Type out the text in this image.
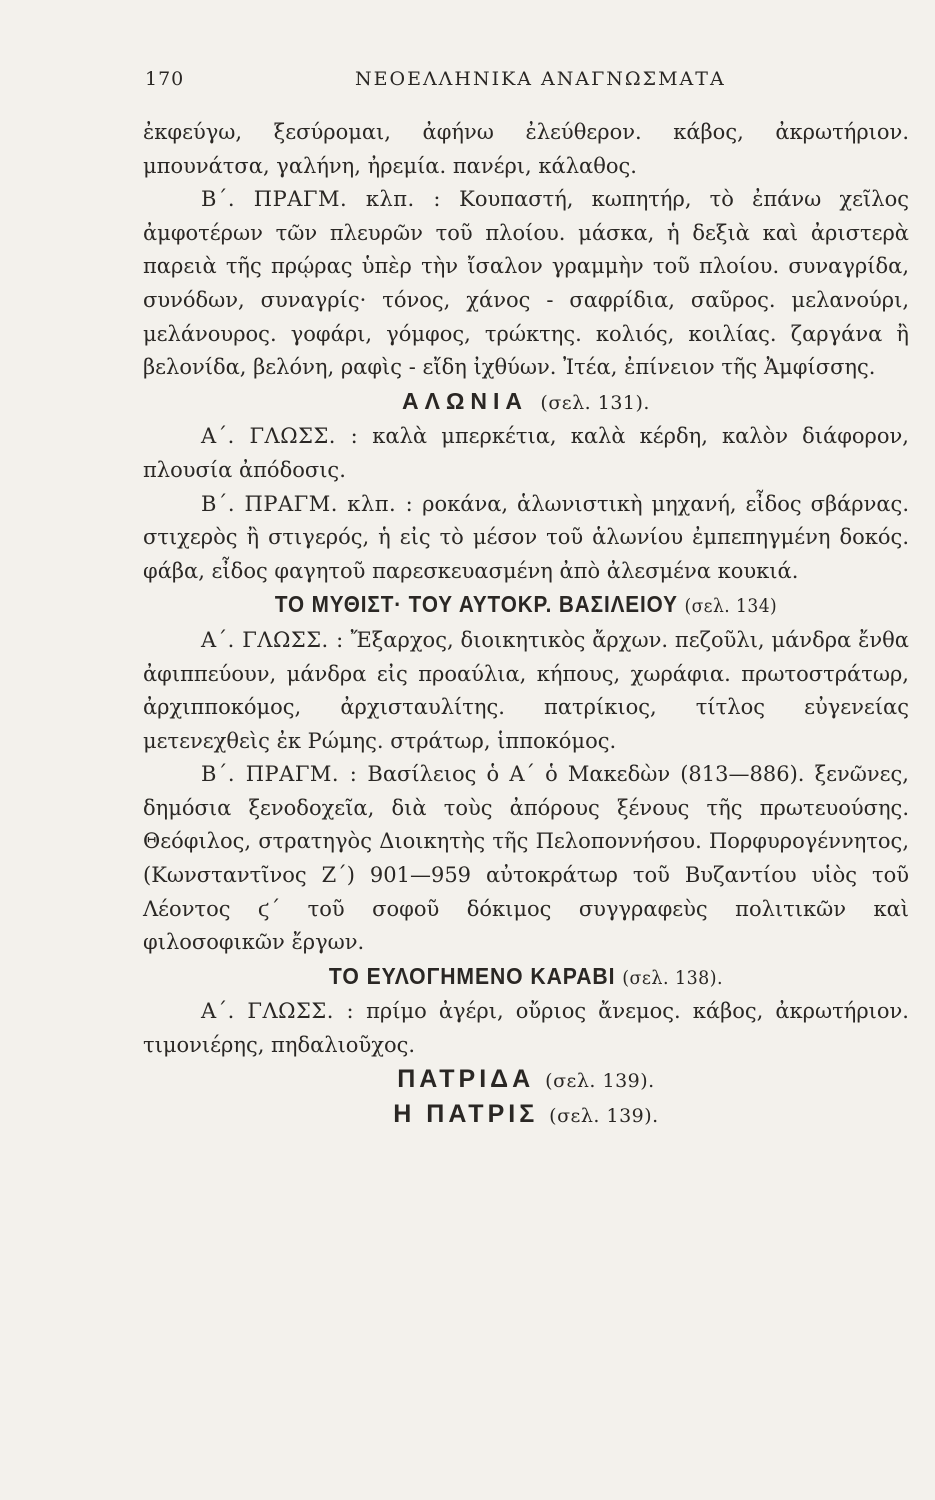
170	ΝΕΟΕΛΛΗΝΙΚΑ ΑΝΑΓΝΩΣΜΑΤΑ

ἐκφεύγω, ξεσύρομαι, ἀφήνω ἐλεύθερον. κάβος, ἀκρωτήριον. μπουνάτσα, γαλήνη, ἠρεμία. πανέρι, κάλαθος.

Β΄. ΠΡΑΓΜ. κλπ. : Κουπαστή, κωπητήρ, τὸ ἐπάνω χεῖλος ἀμφοτέρων τῶν πλευρῶν τοῦ πλοίου. μάσκα, ἡ δεξιὰ καὶ ἀριστερὰ παρειὰ τῆς πρῴρας ὑπὲρ τὴν ἴσαλον γραμμὴν τοῦ πλοίου. συναγρίδα, συνόδων, συναγρίς· τόνος, χάνος - σαφρίδια, σαῦρος. μελανούρι, μελάνουρος. γοφάρι, γόμφος, τρώκτης. κολιός, κοιλίας. ζαργάνα ἢ βελονίδα, βελόνη, ραφὶς - εἴδη ἰχθύων. Ἰτέα, ἐπίνειον τῆς Ἀμφίσσης.

ΑΛΩΝΙΑ (σελ. 131).

Α΄. ΓΛΩΣΣ. : καλὰ μπερκέτια, καλὰ κέρδη, καλὸν διάφορον, πλουσία ἀπόδοσις.

Β΄. ΠΡΑΓΜ. κλπ. : ροκάνα, ἁλωνιστικὴ μηχανή, εἶδος σβάρνας. στιχερὸς ἢ στιγερός, ἡ εἰς τὸ μέσον τοῦ ἁλωνίου ἐμπεπηγμένη δοκός. φάβα, εἶδος φαγητοῦ παρεσκευασμένη ἀπὸ ἀλεσμένα κουκιά.

ΤΟ ΜΥΘΙΣΤ· ΤΟΥ ΑΥΤΟΚΡ. ΒΑΣΙΛΕΙΟΥ (σελ. 134)

Α΄. ΓΛΩΣΣ. : Ἔξαρχος, διοικητικὸς ἄρχων. πεζοῦλι, μάνδρα ἔνθα ἀφιππεύουν, μάνδρα εἰς προαύλια, κήπους, χωράφια. πρωτοστράτωρ, ἀρχιπποκόμος, ἀρχισταυλίτης. πατρίκιος, τίτλος εὐγενείας μετενεχθεὶς ἐκ Ρώμης. στράτωρ, ἱπποκόμος.

Β΄. ΠΡΑΓΜ. : Βασίλειος ὁ Α΄ ὁ Μακεδὼν (813—886). ξενῶνες, δημόσια ξενοδοχεῖα, διὰ τοὺς ἀπόρους ξένους τῆς πρωτευούσης. Θεόφιλος, στρατηγὸς Διοικητὴς τῆς Πελοποννήσου. Πορφυρογέννητος, (Κωνσταντῖνος Ζ΄) 901—959 αὐτοκράτωρ τοῦ Βυζαντίου υἱὸς τοῦ Λέοντος ϛ΄ τοῦ σοφοῦ δόκιμος συγγραφεὺς πολιτικῶν καὶ φιλοσοφικῶν ἔργων.

ΤΟ ΕΥΛΟΓΗΜΕΝΟ ΚΑΡΑΒΙ (σελ. 138).

Α΄. ΓΛΩΣΣ. : πρίμο ἀγέρι, οὔριος ἄνεμος. κάβος, ἀκρωτήριον. τιμονιέρης, πηδαλιοῦχος.

ΠΑΤΡΙΔΑ (σελ. 139).

Η ΠΑΤΡΙΣ (σελ. 139).
